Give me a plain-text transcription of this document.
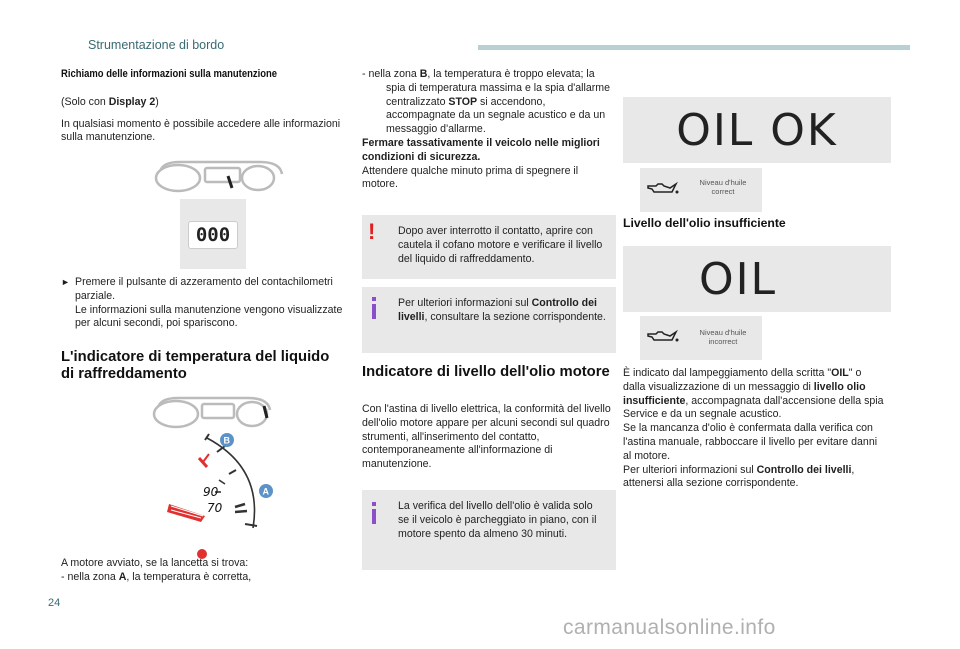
Strumentazione di bordo
Richiamo delle informazioni sulla manutenzione

(Solo con Display 2)

In qualsiasi momento è possibile accedere alle informazioni sulla manutenzione.

000
► Premere il pulsante di azzeramento del contachilometri parziale.
Le informazioni sulla manutenzione vengono visualizzate per alcuni secondi, poi spariscono.
L'indicatore di temperatura del liquido di raffreddamento
90
70
B
A
A motore avviato, se la lancetta si trova:
- nella zona A, la temperatura è corretta,
- nella zona B, la temperatura è troppo elevata; la spia di temperatura massima e la spia d'allarme centralizzato STOP si accendono, accompagnate da un segnale acustico e da un messaggio d'allarme.
Fermare tassativamente il veicolo nelle migliori condizioni di sicurezza.
Attendere qualche minuto prima di spegnere il motore.
! Dopo aver interrotto il contatto, aprire con cautela il cofano motore e verificare il livello del liquido di raffreddamento.
Per ulteriori informazioni sul Controllo dei livelli, consultare la sezione corrispondente.
Indicatore di livello dell'olio motore
Con l'astina di livello elettrica, la conformità del livello dell'olio motore appare per alcuni secondi sul quadro strumenti, all'inserimento del contatto, contemporaneamente all'informazione di manutenzione.
La verifica del livello dell'olio è valida solo se il veicolo è parcheggiato in piano, con il motore spento da almeno 30 minuti.
OIL OK
Niveau d'huile
correct
Livello dell'olio insufficiente
OIL
Niveau d'huile
incorrect
È indicato dal lampeggiamento della scritta "OIL" o dalla visualizzazione di un messaggio di livello olio insufficiente, accompagnata dall'accensione della spia Service e da un segnale acustico.
Se la mancanza d'olio è confermata dalla verifica con l'astina manuale, rabboccare il livello per evitare danni al motore.
Per ulteriori informazioni sul Controllo dei livelli, attenersi alla sezione corrispondente.
24
carmanualsonline.info
